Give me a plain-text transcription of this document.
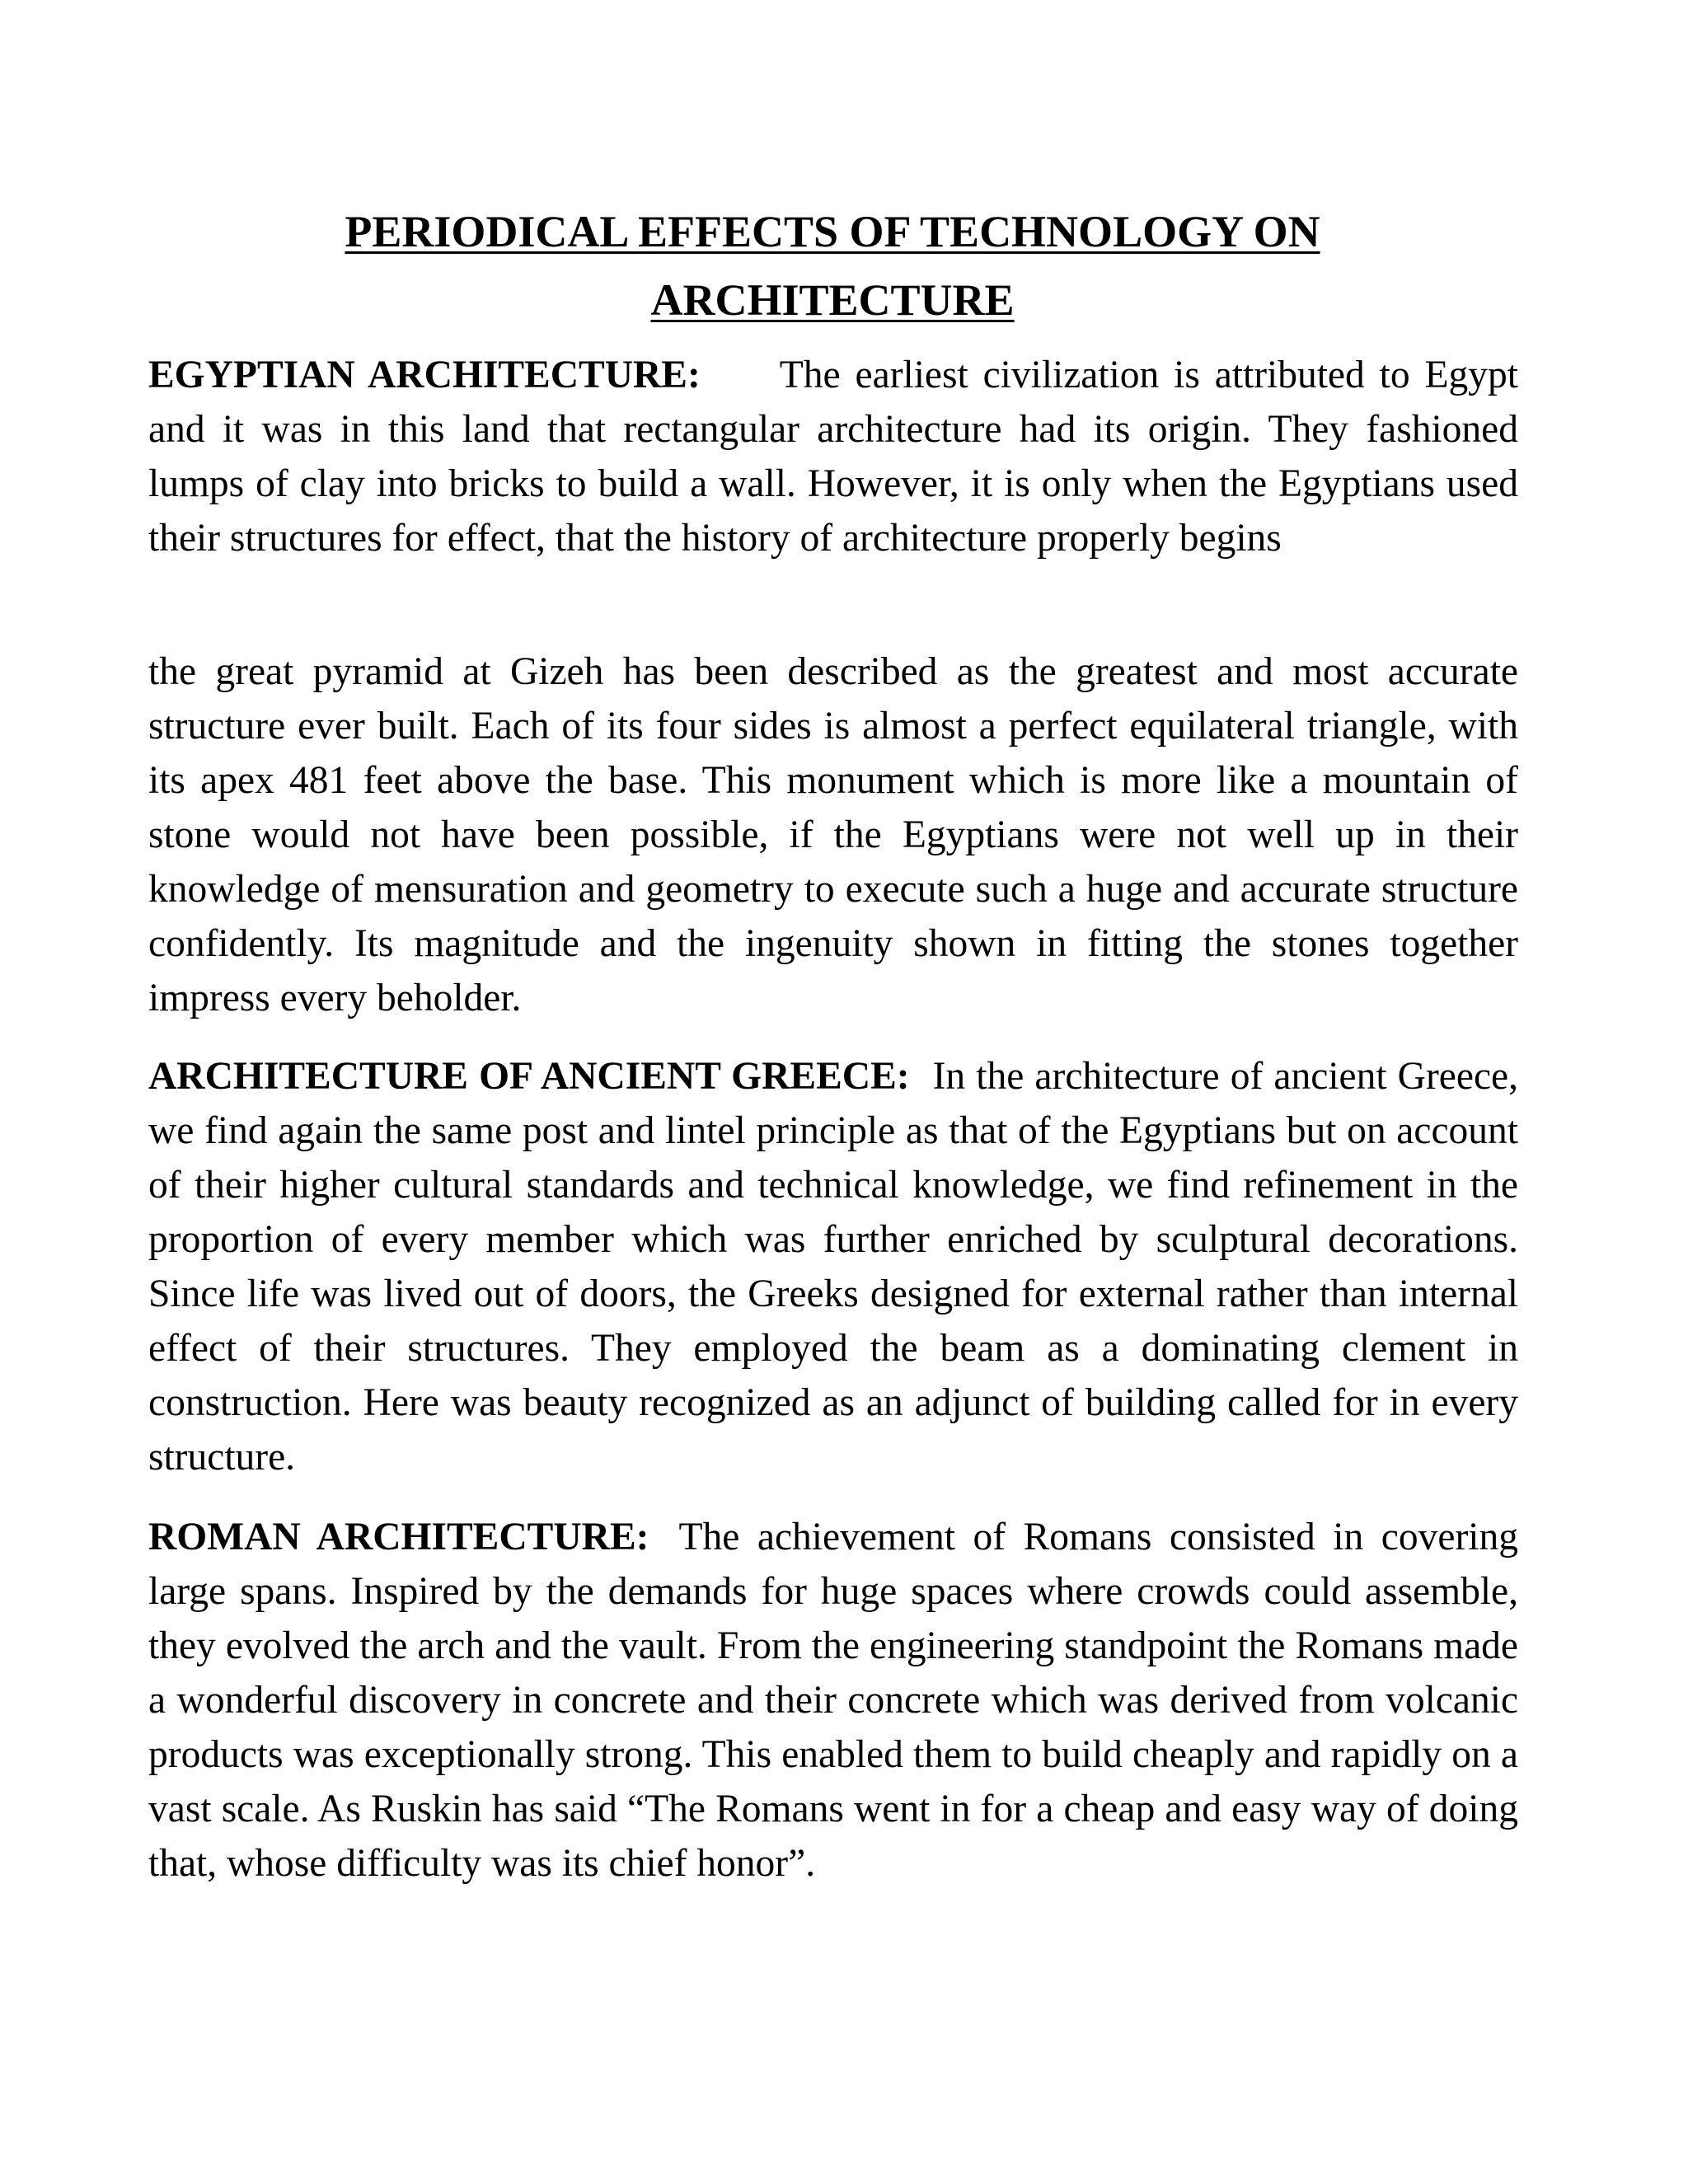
PERIODICAL EFFECTS OF TECHNOLOGY ON
ARCHITECTURE

EGYPTIAN ARCHITECTURE: The earliest civilization is attributed to Egypt and it was in this land that rectangular architecture had its origin. They fashioned lumps of clay into bricks to build a wall. However, it is only when the Egyptians used their structures for effect, that the history of architecture properly begins

the great pyramid at Gizeh has been described as the greatest and most accurate structure ever built. Each of its four sides is almost a perfect equilateral triangle, with its apex 481 feet above the base. This monument which is more like a mountain of stone would not have been possible, if the Egyptians were not well up in their knowledge of mensuration and geometry to execute such a huge and accurate structure confidently. Its magnitude and the ingenuity shown in fitting the stones together impress every beholder.

ARCHITECTURE OF ANCIENT GREECE: In the architecture of ancient Greece, we find again the same post and lintel principle as that of the Egyptians but on account of their higher cultural standards and technical knowledge, we find refinement in the proportion of every member which was further enriched by sculptural decorations. Since life was lived out of doors, the Greeks designed for external rather than internal effect of their structures. They employed the beam as a dominating clement in construction. Here was beauty recognized as an adjunct of building called for in every structure.

ROMAN ARCHITECTURE: The achievement of Romans consisted in covering large spans. Inspired by the demands for huge spaces where crowds could assemble, they evolved the arch and the vault. From the engineering standpoint the Romans made a wonderful discovery in concrete and their concrete which was derived from volcanic products was exceptionally strong. This enabled them to build cheaply and rapidly on a vast scale. As Ruskin has said “The Romans went in for a cheap and easy way of doing that, whose difficulty was its chief honor”.
